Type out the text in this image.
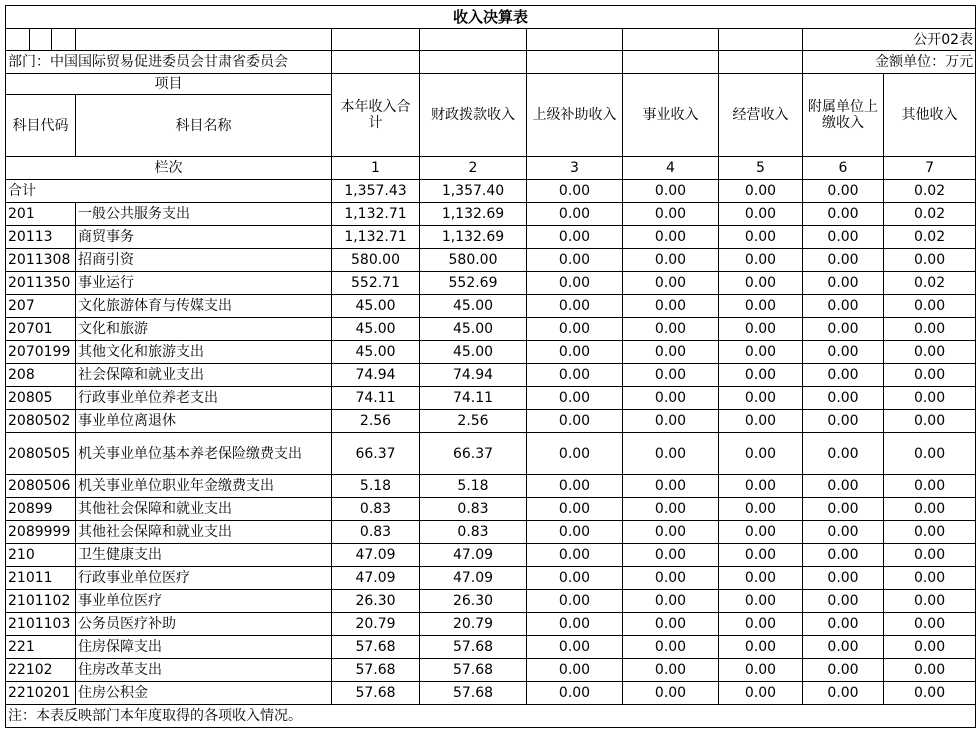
收入决算表										
									公开02表	
部门：中国国际贸易促进委员会甘肃省委员会									金额单位：万元	
项目				本年收入合计	财政拨款收入	上级补助收入	事业收入	经营收入	附属单位上缴收入	其他收入
科目代码			科目名称							
栏次				1	2	3	4	5	6	7
合计				1,357.43	1,357.40	0.00	0.00	0.00	0.00	0.02
201			一般公共服务支出	1,132.71	1,132.69	0.00	0.00	0.00	0.00	0.02
20113			商贸事务	1,132.71	1,132.69	0.00	0.00	0.00	0.00	0.02
2011308			招商引资	580.00	580.00	0.00	0.00	0.00	0.00	0.00
2011350			事业运行	552.71	552.69	0.00	0.00	0.00	0.00	0.02
207			文化旅游体育与传媒支出	45.00	45.00	0.00	0.00	0.00	0.00	0.00
20701			文化和旅游	45.00	45.00	0.00	0.00	0.00	0.00	0.00
2070199			其他文化和旅游支出	45.00	45.00	0.00	0.00	0.00	0.00	0.00
208			社会保障和就业支出	74.94	74.94	0.00	0.00	0.00	0.00	0.00
20805			行政事业单位养老支出	74.11	74.11	0.00	0.00	0.00	0.00	0.00
2080502			事业单位离退休	2.56	2.56	0.00	0.00	0.00	0.00	0.00
2080505			机关事业单位基本养老保险缴费支出	66.37	66.37	0.00	0.00	0.00	0.00	0.00
2080506			机关事业单位职业年金缴费支出	5.18	5.18	0.00	0.00	0.00	0.00	0.00
20899			其他社会保障和就业支出	0.83	0.83	0.00	0.00	0.00	0.00	0.00
2089999			其他社会保障和就业支出	0.83	0.83	0.00	0.00	0.00	0.00	0.00
210			卫生健康支出	47.09	47.09	0.00	0.00	0.00	0.00	0.00
21011			行政事业单位医疗	47.09	47.09	0.00	0.00	0.00	0.00	0.00
2101102			事业单位医疗	26.30	26.30	0.00	0.00	0.00	0.00	0.00
2101103			公务员医疗补助	20.79	20.79	0.00	0.00	0.00	0.00	0.00
221			住房保障支出	57.68	57.68	0.00	0.00	0.00	0.00	0.00
22102			住房改革支出	57.68	57.68	0.00	0.00	0.00	0.00	0.00
2210201			住房公积金	57.68	57.68	0.00	0.00	0.00	0.00	0.00
注：本表反映部门本年度取得的各项收入情况。										
